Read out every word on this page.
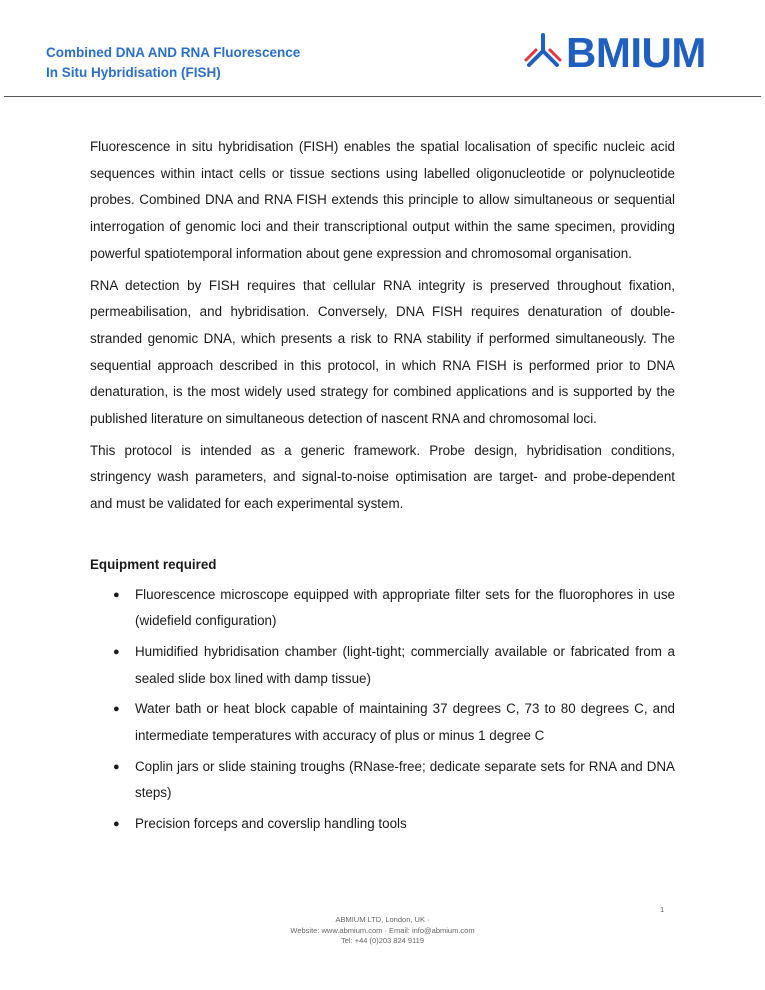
Combined DNA AND RNA Fluorescence
In Situ Hybridisation (FISH)	BMIUM

Fluorescence in situ hybridisation (FISH) enables the spatial localisation of specific nucleic acid sequences within intact cells or tissue sections using labelled oligonucleotide or polynucleotide probes. Combined DNA and RNA FISH extends this principle to allow simultaneous or sequential interrogation of genomic loci and their transcriptional output within the same specimen, providing powerful spatiotemporal information about gene expression and chromosomal organisation.

RNA detection by FISH requires that cellular RNA integrity is preserved throughout fixation, permeabilisation, and hybridisation. Conversely, DNA FISH requires denaturation of double-stranded genomic DNA, which presents a risk to RNA stability if performed simultaneously. The sequential approach described in this protocol, in which RNA FISH is performed prior to DNA denaturation, is the most widely used strategy for combined applications and is supported by the published literature on simultaneous detection of nascent RNA and chromosomal loci.

This protocol is intended as a generic framework. Probe design, hybridisation conditions, stringency wash parameters, and signal-to-noise optimisation are target- and probe-dependent and must be validated for each experimental system.

Equipment required
● Fluorescence microscope equipped with appropriate filter sets for the fluorophores in use (widefield configuration)
● Humidified hybridisation chamber (light-tight; commercially available or fabricated from a sealed slide box lined with damp tissue)
● Water bath or heat block capable of maintaining 37 degrees C, 73 to 80 degrees C, and intermediate temperatures with accuracy of plus or minus 1 degree C
● Coplin jars or slide staining troughs (RNase-free; dedicate separate sets for RNA and DNA steps)
● Precision forceps and coverslip handling tools
1
ABMIUM LTD, London, UK ·
Website: www.abmium.com · Email: info@abmium.com
Tel: +44 (0)203 824 9119
